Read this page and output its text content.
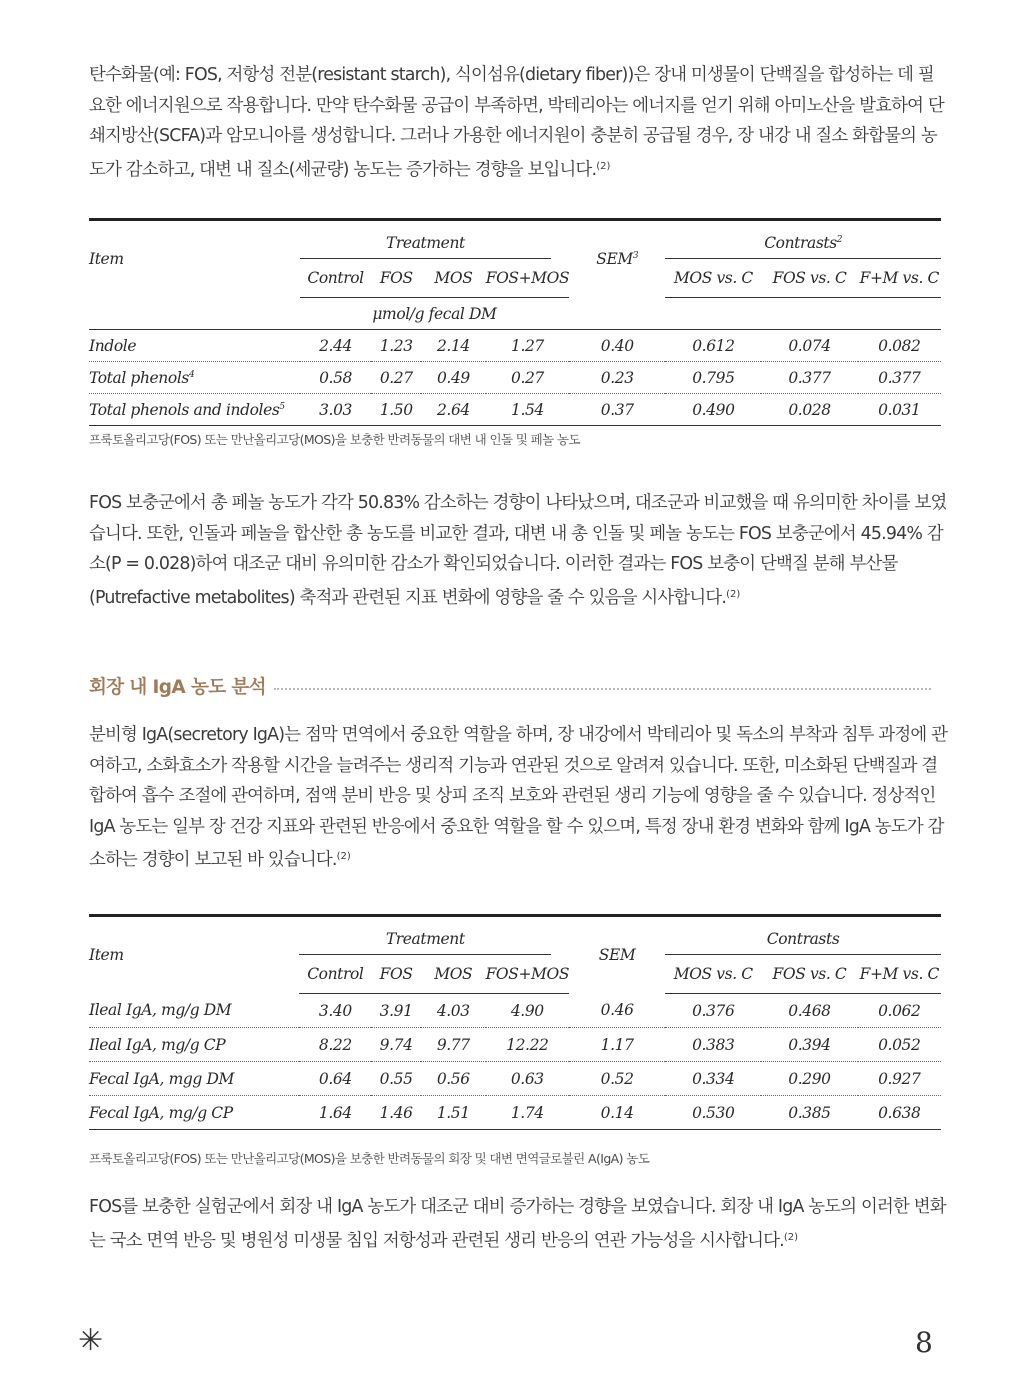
탄수화물(예: FOS, 저항성 전분(resistant starch), 식이섬유(dietary fiber))은 장내 미생물이 단백질을 합성하는 데 필요한 에너지원으로 작용합니다. 만약 탄수화물 공급이 부족하면, 박테리아는 에너지를 얻기 위해 아미노산을 발효하여 단쇄지방산(SCFA)과 암모니아를 생성합니다. 그러나 가용한 에너지원이 충분히 공급될 경우, 장 내강 내 질소 화합물의 농도가 감소하고, 대변 내 질소(세균량) 농도는 증가하는 경향을 보입니다.$^{(2)}$

Item	Treatment				SEM$^3$	Contrasts$^2$

	Control	FOS	MOS	FOS+MOS		MOS vs. C	FOS vs. C	F+M vs. C
	μmol/g fecal DM							
Indole	2.44	1.23	2.14	1.27	0.40	0.612	0.074	0.082
Total phenols$^4$	0.58	0.27	0.49	0.27	0.23	0.795	0.377	0.377
Total phenols and indoles$^5$	3.03	1.50	2.64	1.54	0.37	0.490	0.028	0.031
프룩토올리고당(FOS) 또는 만난올리고당(MOS)을 보충한 반려동물의 대변 내 인돌 및 페놀 농도

FOS 보충군에서 총 페놀 농도가 각각 50.83% 감소하는 경향이 나타났으며, 대조군과 비교했을 때 유의미한 차이를 보였습니다. 또한, 인돌과 페놀을 합산한 총 농도를 비교한 결과, 대변 내 총 인돌 및 페놀 농도는 FOS 보충군에서 45.94% 감소(P = 0.028)하여 대조군 대비 유의미한 감소가 확인되었습니다. 이러한 결과는 FOS 보충이 단백질 분해 부산물(Putrefactive metabolites) 축적과 관련된 지표 변화에 영향을 줄 수 있음을 시사합니다.$^{(2)}$

회장 내 IgA 농도 분석

분비형 IgA(secretory IgA)는 점막 면역에서 중요한 역할을 하며, 장 내강에서 박테리아 및 독소의 부착과 침투 과정에 관여하고, 소화효소가 작용할 시간을 늘려주는 생리적 기능과 연관된 것으로 알려져 있습니다. 또한, 미소화된 단백질과 결합하여 흡수 조절에 관여하며, 점액 분비 반응 및 상피 조직 보호와 관련된 생리 기능에 영향을 줄 수 있습니다. 정상적인 IgA 농도는 일부 장 건강 지표와 관련된 반응에서 중요한 역할을 할 수 있으며, 특정 장내 환경 변화와 함께 IgA 농도가 감소하는 경향이 보고된 바 있습니다.$^{(2)}$

Item	Treatment				SEM	Contrasts		

	Control	FOS	MOS	FOS+MOS		MOS vs. C	FOS vs. C	F+M vs. C
Ileal IgA, mg/g DM	3.40	3.91	4.03	4.90	0.46	0.376	0.468	0.062
Ileal IgA, mg/g CP	8.22	9.74	9.77	12.22	1.17	0.383	0.394	0.052
Fecal IgA, mgg DM	0.64	0.55	0.56	0.63	0.52	0.334	0.290	0.927
Fecal IgA, mg/g CP	1.64	1.46	1.51	1.74	0.14	0.530	0.385	0.638
프룩토올리고당(FOS) 또는 만난올리고당(MOS)을 보충한 반려동물의 회장 및 대변 면역글로불린 A(IgA) 농도

FOS를 보충한 실험군에서 회장 내 IgA 농도가 대조군 대비 증가하는 경향을 보였습니다. 회장 내 IgA 농도의 이러한 변화는 국소 면역 반응 및 병원성 미생물 침입 저항성과 관련된 생리 반응의 연관 가능성을 시사합니다.$^{(2)}$

✳	8
